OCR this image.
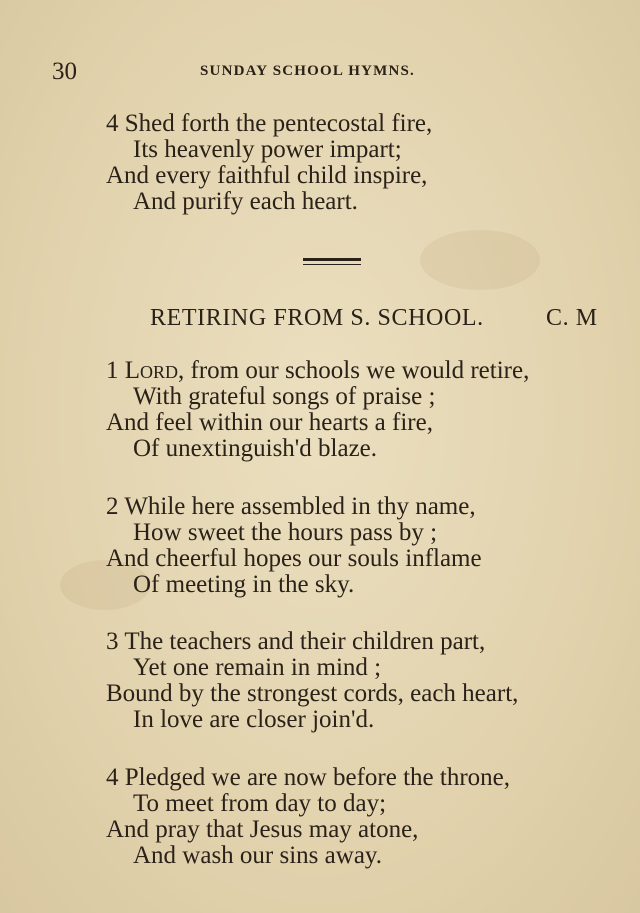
30	SUNDAY SCHOOL HYMNS.
4 Shed forth the pentecostal fire,
Its heavenly power impart;
And every faithful child inspire,
And purify each heart.
RETIRING FROM S. SCHOOL.	C. M
1 Lord, from our schools we would retire,
With grateful songs of praise ;
And feel within our hearts a fire,
Of unextinguish'd blaze.
2 While here assembled in thy name,
How sweet the hours pass by ;
And cheerful hopes our souls inflame
Of meeting in the sky.
3 The teachers and their children part,
Yet one remain in mind ;
Bound by the strongest cords, each heart,
In love are closer join'd.
4 Pledged we are now before the throne,
To meet from day to day;
And pray that Jesus may atone,
And wash our sins away.
